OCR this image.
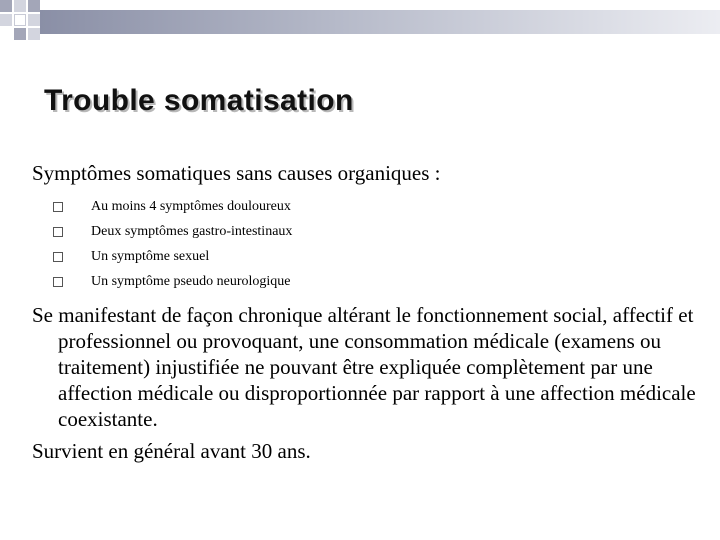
Trouble somatisation

Symptômes somatiques sans causes organiques :

Au moins 4 symptômes douloureux
Deux symptômes gastro-intestinaux
Un symptôme sexuel
Un symptôme pseudo neurologique

Se manifestant de façon chronique altérant le fonctionnement social, affectif et professionnel ou provoquant, une consommation médicale (examens ou traitement) injustifiée ne pouvant être expliquée complètement par une affection médicale ou disproportionnée par rapport à une affection médicale coexistante.

Survient en général avant 30 ans.
